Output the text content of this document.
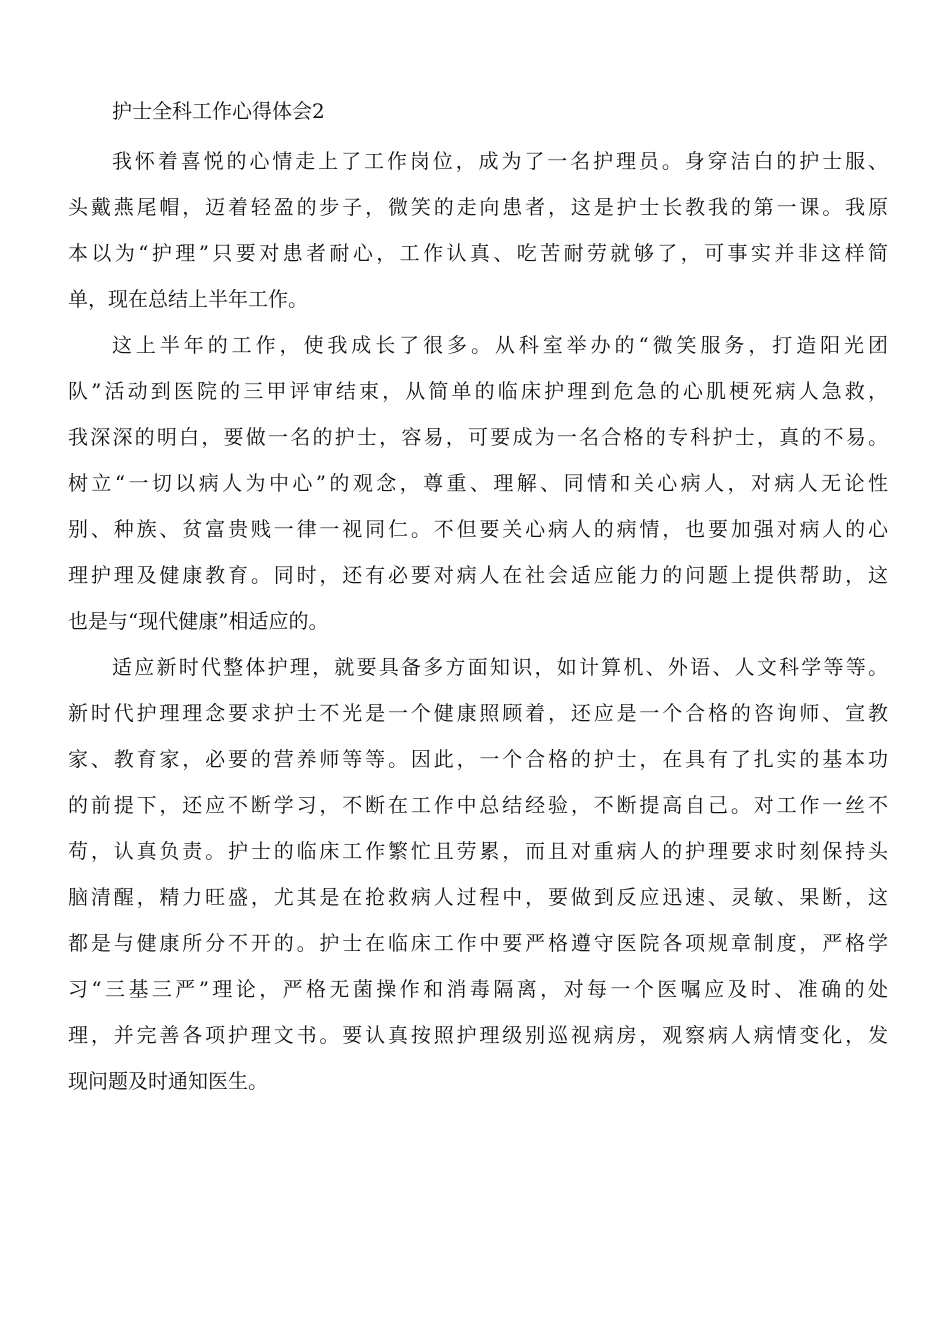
护士全科工作心得体会2
我怀着喜悦的心情走上了工作岗位，成为了一名护理员。身穿洁白的护士服、
头戴燕尾帽，迈着轻盈的步子，微笑的走向患者，这是护士长教我的第一课。我原
本以为“护理”只要对患者耐心，工作认真、吃苦耐劳就够了，可事实并非这样简
单，现在总结上半年工作。
这上半年的工作，使我成长了很多。从科室举办的“微笑服务，打造阳光团
队”活动到医院的三甲评审结束，从简单的临床护理到危急的心肌梗死病人急救，
我深深的明白，要做一名的护士，容易，可要成为一名合格的专科护士，真的不易。
树立“一切以病人为中心”的观念，尊重、理解、同情和关心病人，对病人无论性
别、种族、贫富贵贱一律一视同仁。不但要关心病人的病情，也要加强对病人的心
理护理及健康教育。同时，还有必要对病人在社会适应能力的问题上提供帮助，这
也是与“现代健康”相适应的。
适应新时代整体护理，就要具备多方面知识，如计算机、外语、人文科学等等。
新时代护理理念要求护士不光是一个健康照顾着，还应是一个合格的咨询师、宣教
家、教育家，必要的营养师等等。因此，一个合格的护士，在具有了扎实的基本功
的前提下，还应不断学习，不断在工作中总结经验，不断提高自己。对工作一丝不
苟，认真负责。护士的临床工作繁忙且劳累，而且对重病人的护理要求时刻保持头
脑清醒，精力旺盛，尤其是在抢救病人过程中，要做到反应迅速、灵敏、果断，这
都是与健康所分不开的。护士在临床工作中要严格遵守医院各项规章制度，严格学
习“三基三严”理论，严格无菌操作和消毒隔离，对每一个医嘱应及时、准确的处
理，并完善各项护理文书。要认真按照护理级别巡视病房，观察病人病情变化，发
现问题及时通知医生。
